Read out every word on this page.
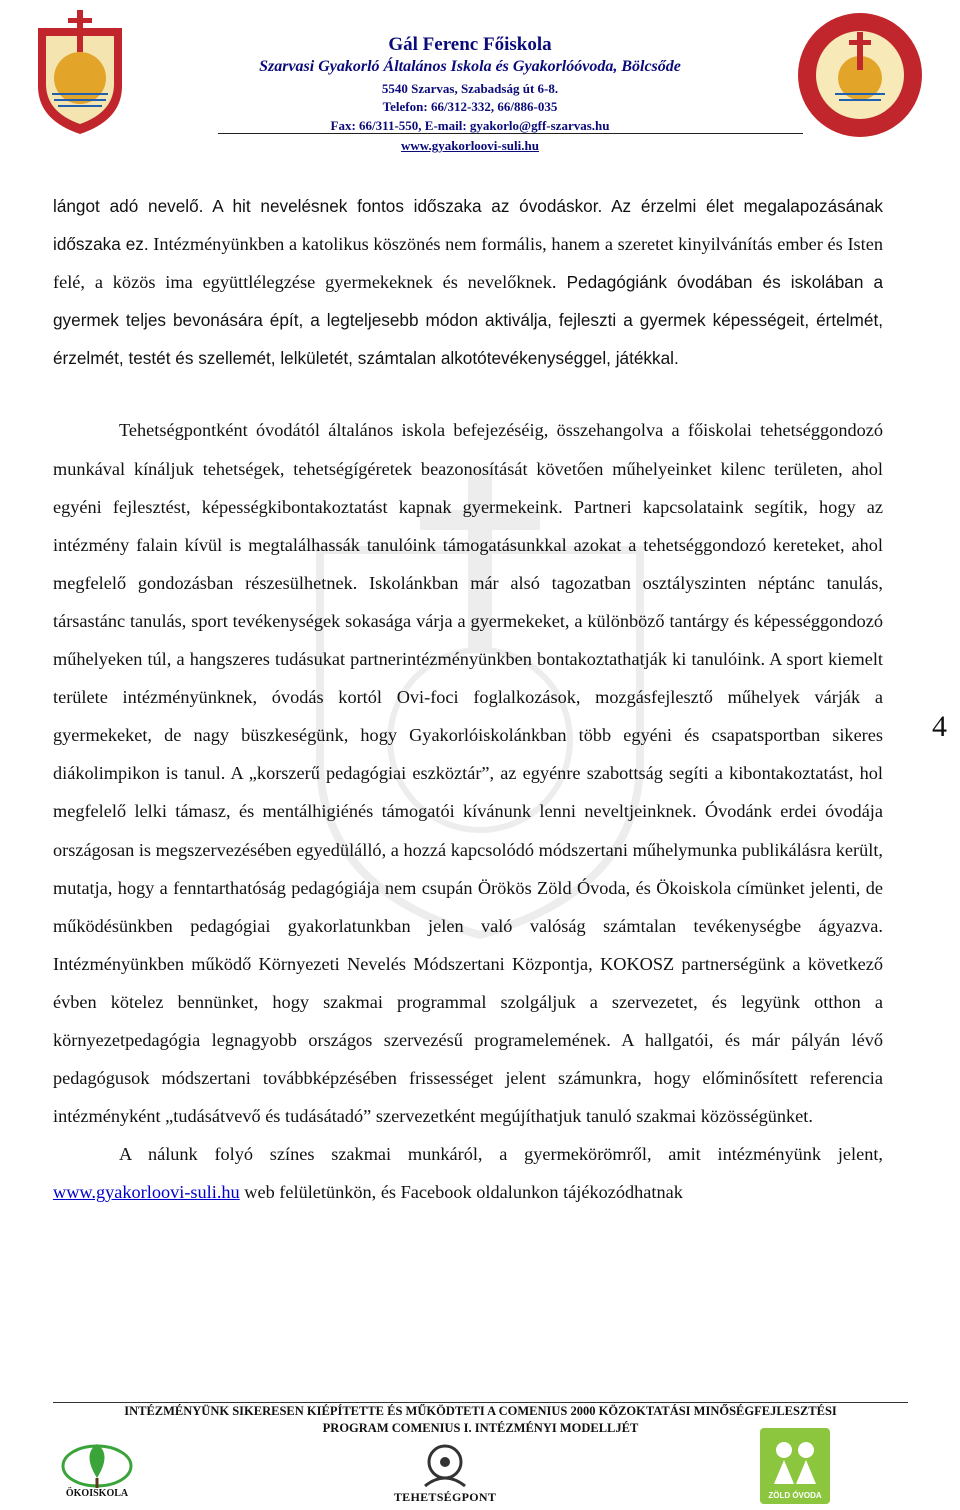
Gál Ferenc Főiskola
Szarvasi Gyakorló Általános Iskola és Gyakorlóóvoda, Bölcsőde
5540 Szarvas, Szabadság út 6-8.
Telefon: 66/312-332, 66/886-035
Fax: 66/311-550, E-mail: gyakorlo@gff-szarvas.hu
www.gyakorloovi-suli.hu

lángot adó nevelő. A hit nevelésnek fontos időszaka az óvodáskor. Az érzelmi élet megalapozásának időszaka ez. Intézményünkben a katolikus köszönés nem formális, hanem a szeretet kinyilvánítás ember és Isten felé, a közös ima együttlélegzése gyermekeknek és nevelőknek. Pedagógiánk óvodában és iskolában a gyermek teljes bevonására épít, a legteljesebb módon aktiválja, fejleszti a gyermek képességeit, értelmét, érzelmét, testét és szellemét, lelkületét, számtalan alkotótevékenységgel, játékkal.

Tehetségpontként óvodától általános iskola befejezéséig, összehangolva a főiskolai tehetséggondozó munkával kínáljuk tehetségek, tehetségígéretek beazonosítását követően műhelyeinket kilenc területen, ahol egyéni fejlesztést, képességkibontakoztatást kapnak gyermekeink. Partneri kapcsolataink segítik, hogy az intézmény falain kívül is megtalálhassák tanulóink támogatásunkkal azokat a tehetséggondozó kereteket, ahol megfelelő gondozásban részesülhetnek. Iskolánkban már alsó tagozatban osztályszinten néptánc tanulás, társastánc tanulás, sport tevékenységek sokasága várja a gyermekeket, a különböző tantárgy és képességgondozó műhelyeken túl, a hangszeres tudásukat partnerintézményünkben bontakoztathatják ki tanulóink. A sport kiemelt területe intézményünknek, óvodás kortól Ovi-foci foglalkozások, mozgásfejlesztő műhelyek várják a gyermekeket, de nagy büszkeségünk, hogy Gyakorlóiskolánkban több egyéni és csapatsportban sikeres diákolimpikon is tanul. A „korszerű pedagógiai eszköztár”, az egyénre szabottság segíti a kibontakoztatást, hol megfelelő lelki támasz, és mentálhigiénés támogatói kívánunk lenni neveltjeinknek. Óvodánk erdei óvodája országosan is megszervezésében egyedülálló, a hozzá kapcsolódó módszertani műhelymunka publikálásra került, mutatja, hogy a fenntarthatóság pedagógiája nem csupán Örökös Zöld Óvoda, és Ökoiskola címünket jelenti, de működésünkben pedagógiai gyakorlatunkban jelen való valóság számtalan tevékenységbe ágyazva. Intézményünkben működő Környezeti Nevelés Módszertani Központja, KOKOSZ partnerségünk a következő évben kötelez bennünket, hogy szakmai programmal szolgáljuk a szervezetet, és legyünk otthon a környezetpedagógia legnagyobb országos szervezésű programelemének. A hallgatói, és már pályán lévő pedagógusok módszertani továbbképzésében frissességet jelent számunkra, hogy előminősített referencia intézményként „tudásátvevő és tudásátadó” szervezetként megújíthatjuk tanuló szakmai közösségünket.

A nálunk folyó színes szakmai munkáról, a gyermekörömről, amit intézményünk jelent, www.gyakorloovi-suli.hu web felületünkön, és Facebook oldalunkon tájékozódhatnak

4
INTÉZMÉNYÜNK SIKERESEN KIÉPÍTETTE ÉS MŰKÖDTETI A COMENIUS 2000 KÖZOKTATÁSI MINŐSÉGFEJLESZTÉSI
PROGRAM COMENIUS I. INTÉZMÉNYI MODELLJÉT
ÖKOISKOLA	TEHETSÉGPONT	ZÖLD ÓVODA
